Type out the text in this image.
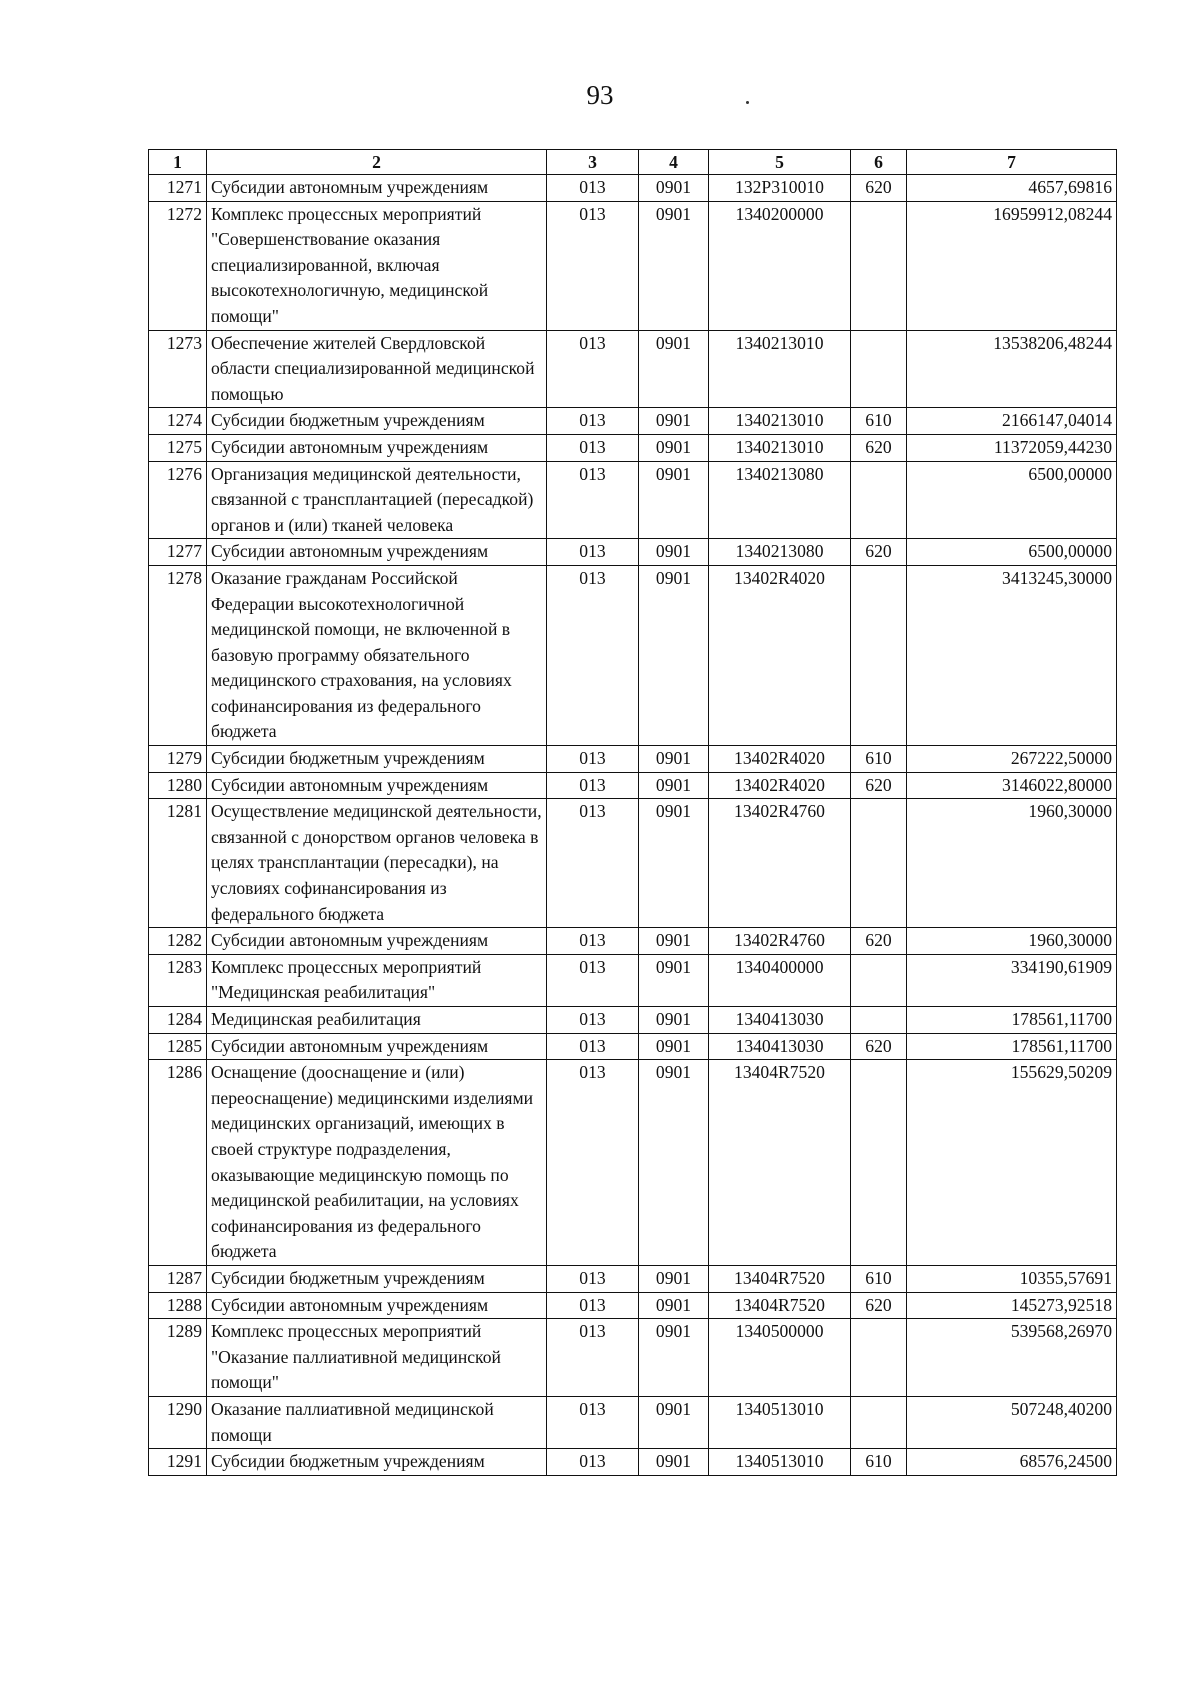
93
1	2	3	4	5	6	7
1271	Субсидии автономным учреждениям	013	0901	132Р310010	620	4657,69816
1272	Комплекс процессных мероприятий "Совершенствование оказания специализированной, включая высокотехнологичную, медицинской помощи"	013	0901	1340200000		16959912,08244
1273	Обеспечение жителей Свердловской области специализированной медицинской помощью	013	0901	1340213010		13538206,48244
1274	Субсидии бюджетным учреждениям	013	0901	1340213010	610	2166147,04014
1275	Субсидии автономным учреждениям	013	0901	1340213010	620	11372059,44230
1276	Организация медицинской деятельности, связанной с трансплантацией (пересадкой) органов и (или) тканей человека	013	0901	1340213080		6500,00000
1277	Субсидии автономным учреждениям	013	0901	1340213080	620	6500,00000
1278	Оказание гражданам Российской Федерации высокотехнологичной медицинской помощи, не включенной в базовую программу обязательного медицинского страхования, на условиях софинансирования из федерального бюджета	013	0901	13402R4020		3413245,30000
1279	Субсидии бюджетным учреждениям	013	0901	13402R4020	610	267222,50000
1280	Субсидии автономным учреждениям	013	0901	13402R4020	620	3146022,80000
1281	Осуществление медицинской деятельности, связанной с донорством органов человека в целях трансплантации (пересадки), на условиях софинансирования из федерального бюджета	013	0901	13402R4760		1960,30000
1282	Субсидии автономным учреждениям	013	0901	13402R4760	620	1960,30000
1283	Комплекс процессных мероприятий "Медицинская реабилитация"	013	0901	1340400000		334190,61909
1284	Медицинская реабилитация	013	0901	1340413030		178561,11700
1285	Субсидии автономным учреждениям	013	0901	1340413030	620	178561,11700
1286	Оснащение (дооснащение и (или) переоснащение) медицинскими изделиями медицинских организаций, имеющих в своей структуре подразделения, оказывающие медицинскую помощь по медицинской реабилитации, на условиях софинансирования из федерального бюджета	013	0901	13404R7520		155629,50209
1287	Субсидии бюджетным учреждениям	013	0901	13404R7520	610	10355,57691
1288	Субсидии автономным учреждениям	013	0901	13404R7520	620	145273,92518
1289	Комплекс процессных мероприятий "Оказание паллиативной медицинской помощи"	013	0901	1340500000		539568,26970
1290	Оказание паллиативной медицинской помощи	013	0901	1340513010		507248,40200
1291	Субсидии бюджетным учреждениям	013	0901	1340513010	610	68576,24500
